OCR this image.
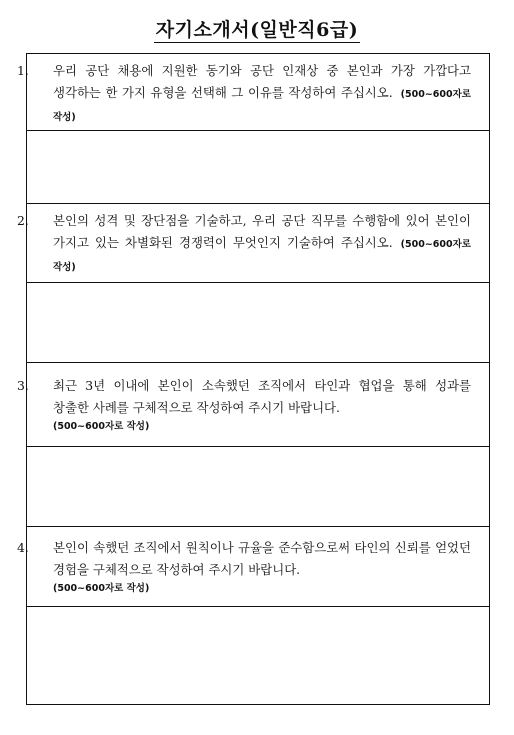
자기소개서(일반직6급)
1. 우리 공단 채용에 지원한 동기와 공단 인재상 중 본인과 가장 가깝다고 생각하는 한 가지 유형을 선택해 그 이유를 작성하여 주십시오. (500~600자로 작성)
2. 본인의 성격 및 장단점을 기술하고, 우리 공단 직무를 수행함에 있어 본인이 가지고 있는 차별화된 경쟁력이 무엇인지 기술하여 주십시오. (500~600자로 작성)
3. 최근 3년 이내에 본인이 소속했던 조직에서 타인과 협업을 통해 성과를 창출한 사례를 구체적으로 작성하여 주시기 바랍니다.
(500~600자로 작성)
4. 본인이 속했던 조직에서 원칙이나 규율을 준수함으로써 타인의 신뢰를 얻었던 경험을 구체적으로 작성하여 주시기 바랍니다.
(500~600자로 작성)
